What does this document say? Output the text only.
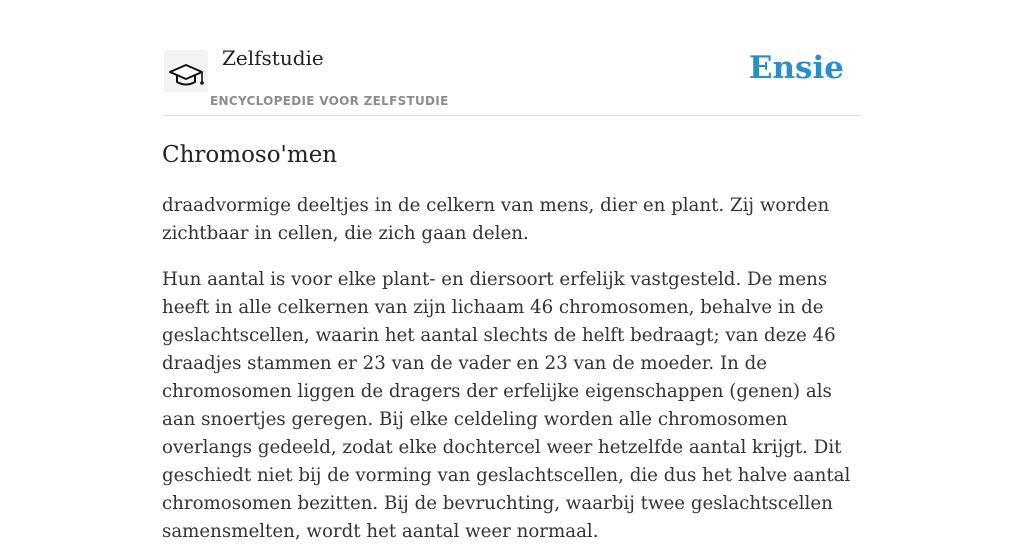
Zelfstudie
ENCYCLOPEDIE VOOR ZELFSTUDIE
Ensie
Chromoso'men

draadvormige deeltjes in de celkern van mens, dier en plant. Zij worden zichtbaar in cellen, die zich gaan delen.

Hun aantal is voor elke plant- en diersoort erfelijk vastgesteld. De mens heeft in alle celkernen van zijn lichaam 46 chromosomen, behalve in de geslachtscellen, waarin het aantal slechts de helft bedraagt; van deze 46 draadjes stammen er 23 van de vader en 23 van de moeder. In de chromosomen liggen de dragers der erfelijke eigenschappen (genen) als aan snoertjes geregen. Bij elke celdeling worden alle chromosomen overlangs gedeeld, zodat elke dochtercel weer hetzelfde aantal krijgt. Dit geschiedt niet bij de vorming van geslachtscellen, die dus het halve aantal chromosomen bezitten. Bij de bevruchting, waarbij twee geslachtscellen samensmelten, wordt het aantal weer normaal.
